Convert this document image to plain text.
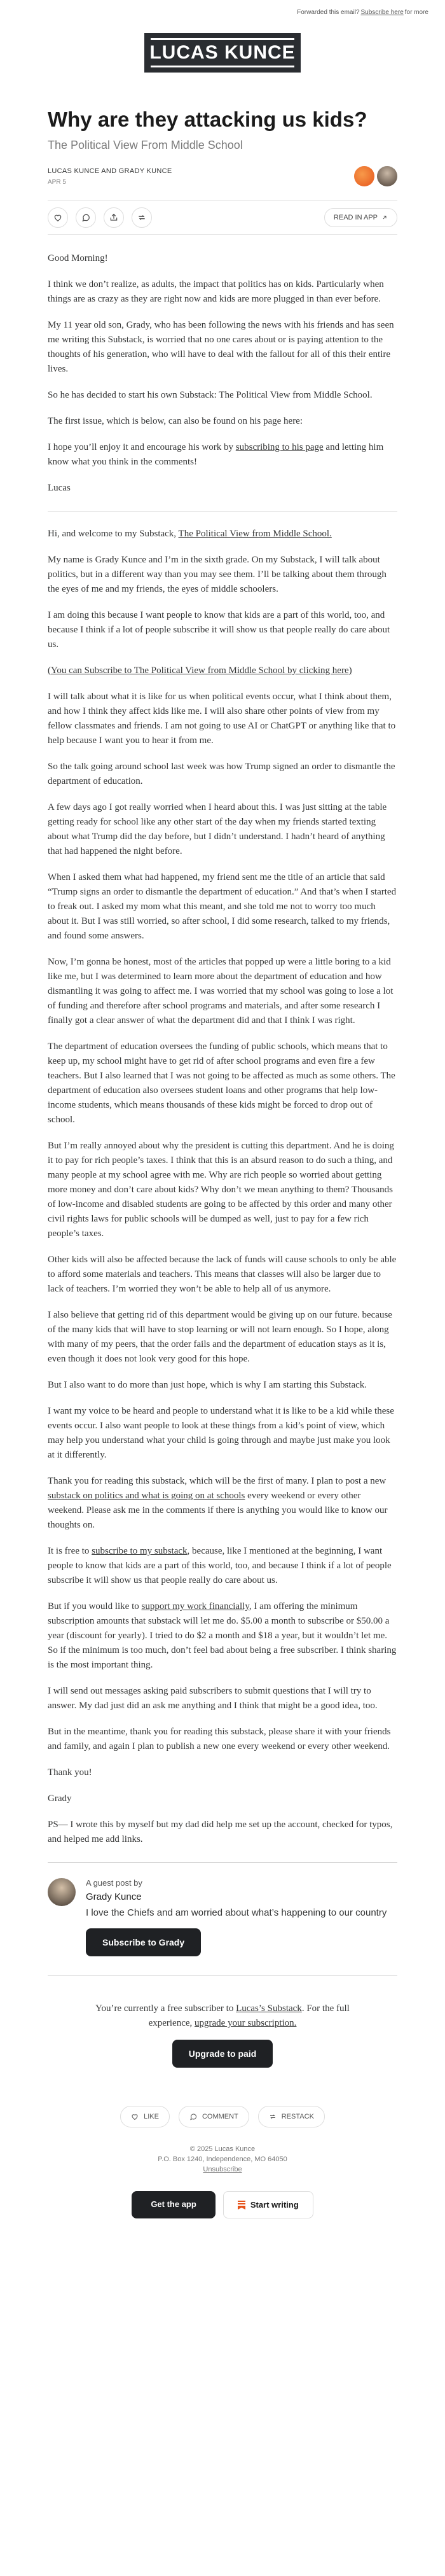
Forwarded this email? Subscribe here for more
LUCAS KUNCE
Why are they attacking us kids?
The Political View From Middle School
LUCAS KUNCE AND GRADY KUNCE
APR 5
READ IN APP

Good Morning!

I think we don’t realize, as adults, the impact that politics has on kids. Particularly when things are as crazy as they are right now and kids are more plugged in than ever before.

My 11 year old son, Grady, who has been following the news with his friends and has seen me writing this Substack, is worried that no one cares about or is paying attention to the thoughts of his generation, who will have to deal with the fallout for all of this their entire lives.

So he has decided to start his own Substack: The Political View from Middle School.

The first issue, which is below, can also be found on his page here:

I hope you’ll enjoy it and encourage his work by subscribing to his page and letting him know what you think in the comments!

Lucas

Hi, and welcome to my Substack, The Political View from Middle School.

My name is Grady Kunce and I’m in the sixth grade. On my Substack, I will talk about politics, but in a different way than you may see them. I’ll be talking about them through the eyes of me and my friends, the eyes of middle schoolers.

I am doing this because I want people to know that kids are a part of this world, too, and because I think if a lot of people subscribe it will show us that people really do care about us.

(You can Subscribe to The Political View from Middle School by clicking here)

I will talk about what it is like for us when political events occur, what I think about them, and how I think they affect kids like me. I will also share other points of view from my fellow classmates and friends. I am not going to use AI or ChatGPT or anything like that to help because I want you to hear it from me.

So the talk going around school last week was how Trump signed an order to dismantle the department of education.

A few days ago I got really worried when I heard about this. I was just sitting at the table getting ready for school like any other start of the day when my friends started texting about what Trump did the day before, but I didn’t understand. I hadn’t heard of anything that had happened the night before.

When I asked them what had happened, my friend sent me the title of an article that said “Trump signs an order to dismantle the department of education.” And that’s when I started to freak out. I asked my mom what this meant, and she told me not to worry too much about it. But I was still worried, so after school, I did some research, talked to my friends, and found some answers.

Now, I’m gonna be honest, most of the articles that popped up were a little boring to a kid like me, but I was determined to learn more about the department of education and how dismantling it was going to affect me. I was worried that my school was going to lose a lot of funding and therefore after school programs and materials, and after some research I finally got a clear answer of what the department did and that I think I was right.

The department of education oversees the funding of public schools, which means that to keep up, my school might have to get rid of after school programs and even fire a few teachers. But I also learned that I was not going to be affected as much as some others. The department of education also oversees student loans and other programs that help low-income students, which means thousands of these kids might be forced to drop out of school.

But I’m really annoyed about why the president is cutting this department. And he is doing it to pay for rich people’s taxes. I think that this is an absurd reason to do such a thing, and many people at my school agree with me. Why are rich people so worried about getting more money and don’t care about kids? Why don’t we mean anything to them? Thousands of low-income and disabled students are going to be affected by this order and many other civil rights laws for public schools will be dumped as well, just to pay for a few rich people’s taxes.

Other kids will also be affected because the lack of funds will cause schools to only be able to afford some materials and teachers. This means that classes will also be larger due to lack of teachers. I’m worried they won’t be able to help all of us anymore.

I also believe that getting rid of this department would be giving up on our future. because of the many kids that will have to stop learning or will not learn enough. So I hope, along with many of my peers, that the order fails and the department of education stays as it is, even though it does not look very good for this hope.

But I also want to do more than just hope, which is why I am starting this Substack.

I want my voice to be heard and people to understand what it is like to be a kid while these events occur. I also want people to look at these things from a kid’s point of view, which may help you understand what your child is going through and maybe just make you look at it differently.

Thank you for reading this substack, which will be the first of many. I plan to post a new substack on politics and what is going on at schools every weekend or every other weekend. Please ask me in the comments if there is anything you would like to know our thoughts on.

It is free to subscribe to my substack, because, like I mentioned at the beginning, I want people to know that kids are a part of this world, too, and because I think if a lot of people subscribe it will show us that people really do care about us.

But if you would like to support my work financially, I am offering the minimum subscription amounts that substack will let me do. $5.00 a month to subscribe or $50.00 a year (discount for yearly). I tried to do $2 a month and $18 a year, but it wouldn’t let me. So if the minimum is too much, don’t feel bad about being a free subscriber. I think sharing is the most important thing.

I will send out messages asking paid subscribers to submit questions that I will try to answer. My dad just did an ask me anything and I think that might be a good idea, too.

But in the meantime, thank you for reading this substack, please share it with your friends and family, and again I plan to publish a new one every weekend or every other weekend.

Thank you!

Grady

PS— I wrote this by myself but my dad did help me set up the account, checked for typos, and helped me add links.

A guest post by
Grady Kunce
I love the Chiefs and am worried about what’s happening to our country
Subscribe to Grady
You’re currently a free subscriber to Lucas’s Substack. For the full experience, upgrade your subscription.
Upgrade to paid
LIKE	COMMENT	RESTACK
© 2025 Lucas Kunce
P.O. Box 1240, Independence, MO 64050
Unsubscribe
Get the app	Start writing
